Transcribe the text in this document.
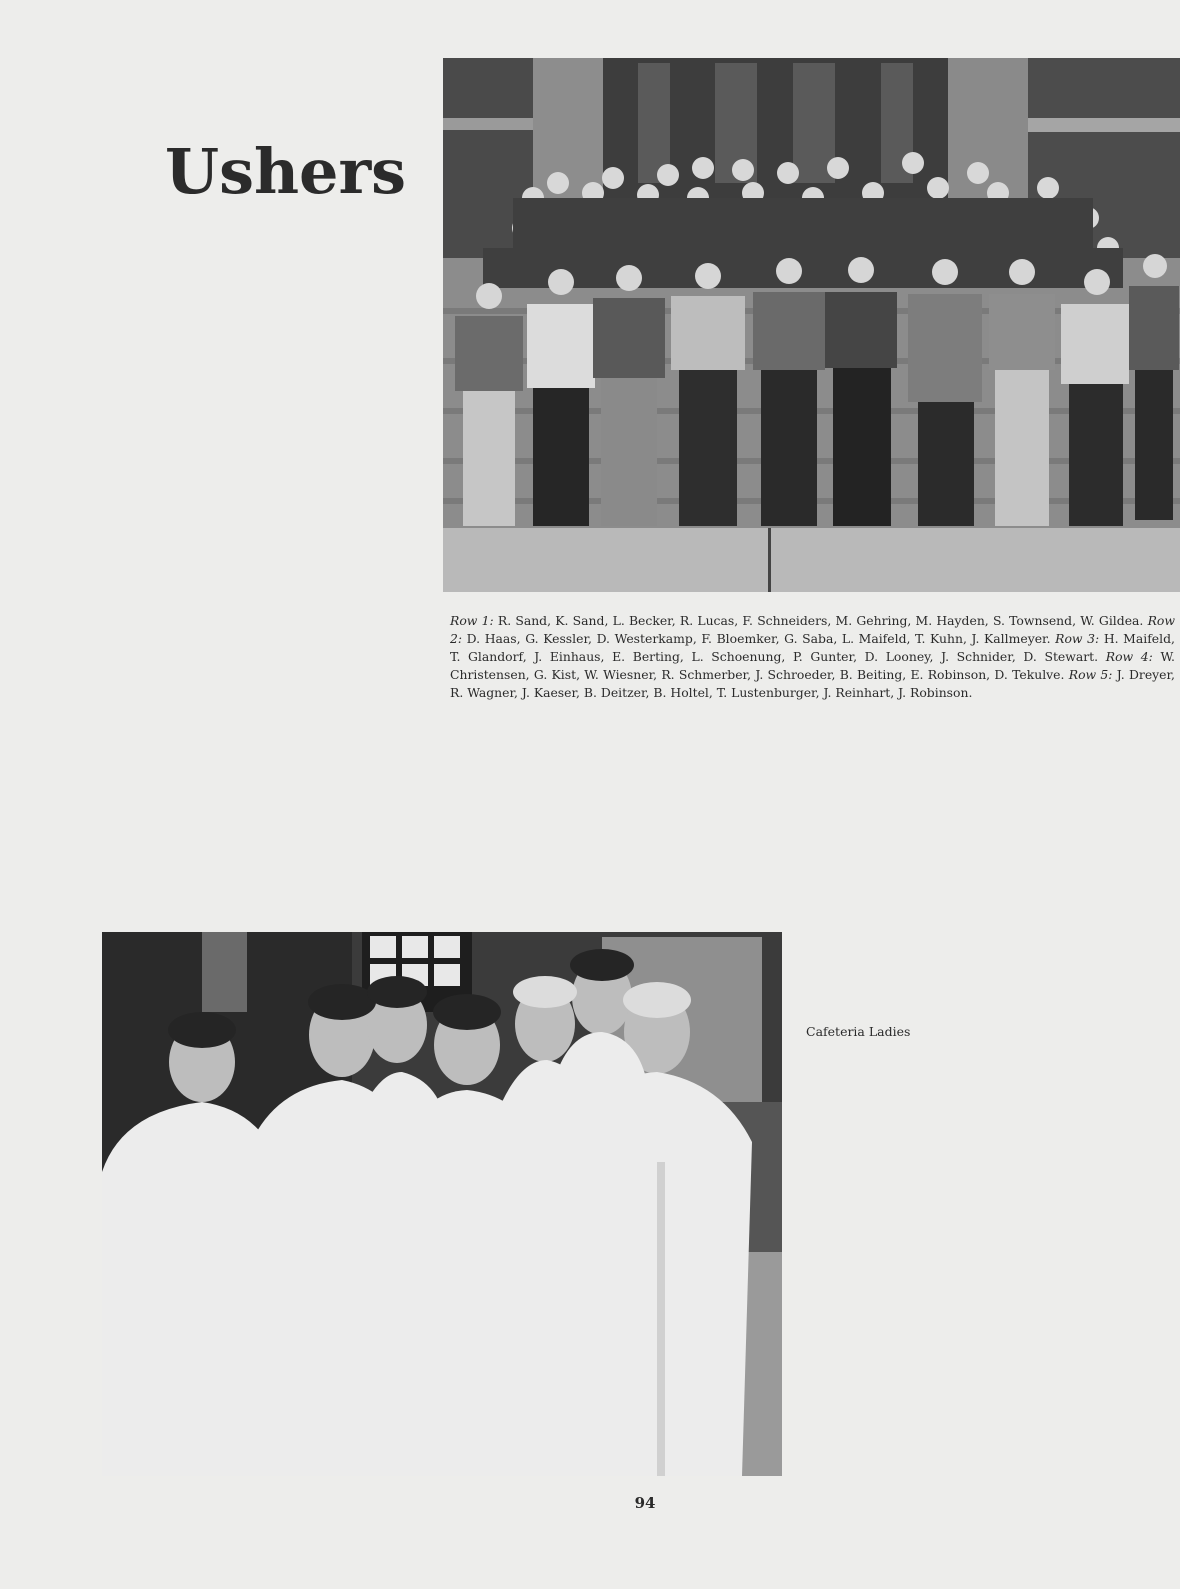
Ushers
Row 1: R. Sand, K. Sand, L. Becker, R. Lucas, F. Schneiders, M. Gehring, M. Hayden, S. Townsend, W. Gildea. Row 2: D. Haas, G. Kessler, D. Westerkamp, F. Bloemker, G. Saba, L. Maifeld, T. Kuhn, J. Kallmeyer. Row 3: H. Maifeld, T. Glandorf, J. Einhaus, E. Berting, L. Schoenung, P. Gunter, D. Looney, J. Schnider, D. Stewart. Row 4: W. Christensen, G. Kist, W. Wiesner, R. Schmerber, J. Schroeder, B. Beiting, E. Robinson, D. Tekulve. Row 5: J. Dreyer, R. Wagner, J. Kaeser, B. Deitzer, B. Holtel, T. Lustenburger, J. Reinhart, J. Robinson.
Cafeteria Ladies
94
